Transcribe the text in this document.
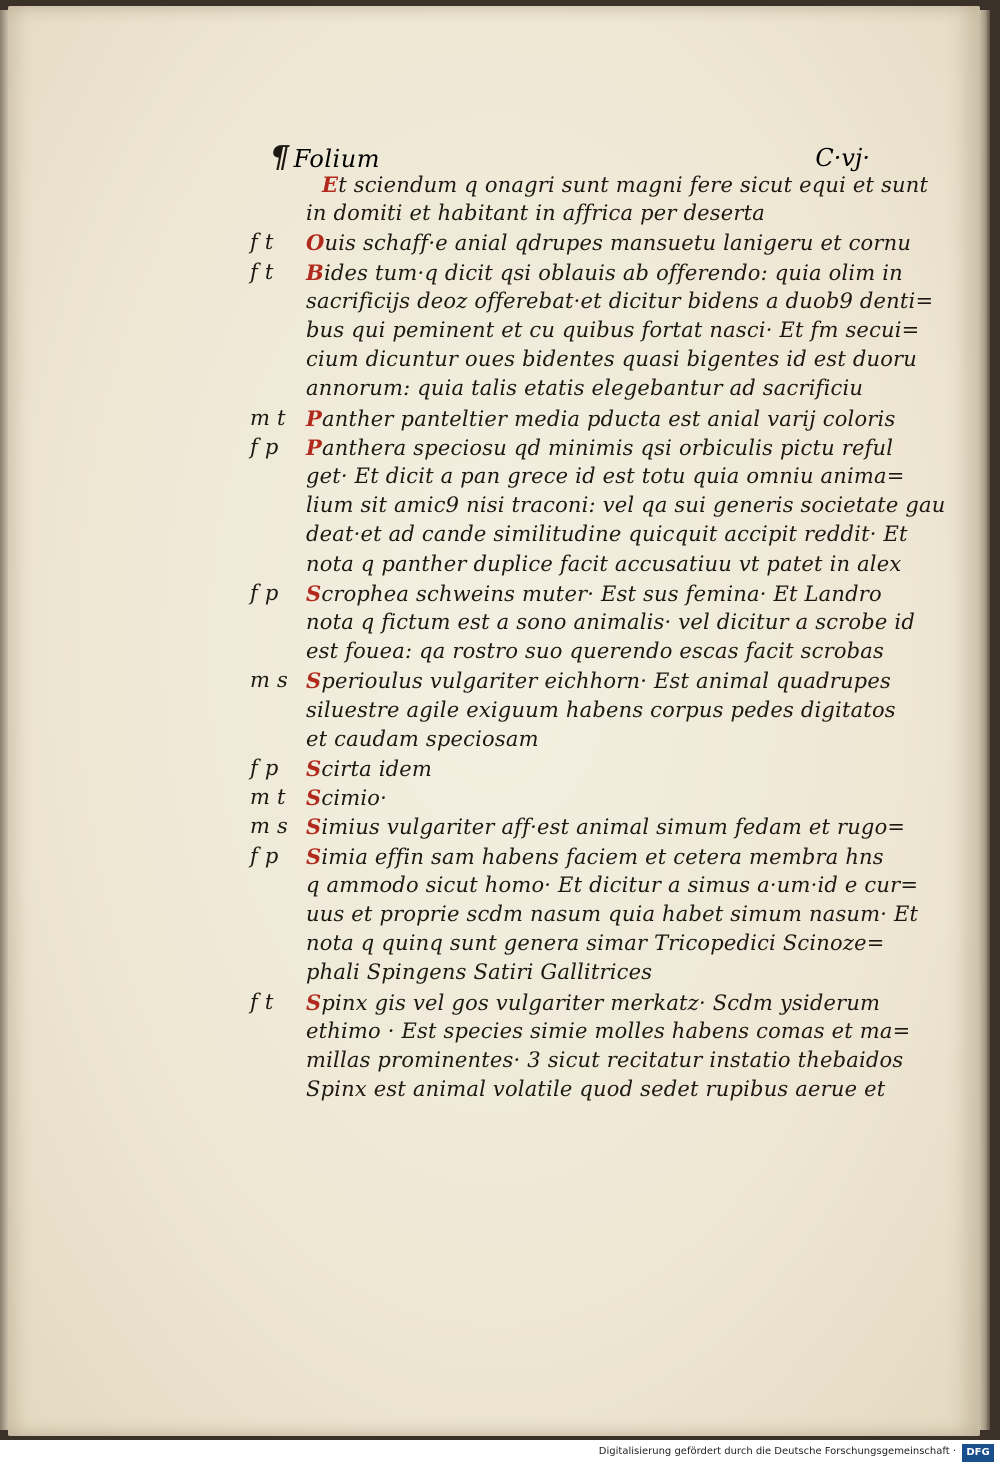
¶ Folium	C·vj·
Et sciendum q onagri sunt magni fere sicut equi et sunt
in domiti et habitant in affrica per deserta
f t	Ouis schaff·e anial qdrupes mansuetu lanigeru et cornu
f t	Bides tum·q dicit qsi oblauis ab offerendo: quia olim in
sacrificijs deoz offerebat·et dicitur bidens a duob9 denti=
bus qui peminent et cu quibus fortat nasci· Et fm secui=
cium dicuntur oues bidentes quasi bigentes id est duoru
annorum: quia talis etatis elegebantur ad sacrificiu
m t Panther panteltier media pducta est anial varij coloris
f p	Panthera speciosu qd minimis qsi orbiculis pictu reful
get· Et dicit a pan grece id est totu quia omniu anima=
lium sit amic9 nisi traconi: vel qa sui generis societate gau
deat·et ad cande similitudine quicquit accipit reddit· Et
nota q panther duplice facit accusatiuu vt patet in alex
f p	Scrophea schweins muter· Est sus femina· Et Landro
nota q fictum est a sono animalis· vel dicitur a scrobe id
est fouea: qa rostro suo querendo escas facit scrobas
m s Sperioulus vulgariter eichhorn· Est animal quadrupes
siluestre agile exiguum habens corpus pedes digitatos
et caudam speciosam
f p	Scirta idem
m t Scimio·
m s Simius vulgariter aff·est animal simum fedam et rugo=
f p	Simia effin sam habens faciem et cetera membra hns
q ammodo sicut homo· Et dicitur a simus a·um·id e cur=
uus et proprie scdm nasum quia habet simum nasum· Et
nota q quinq sunt genera simar Tricopedici Scinoze=
phali Spingens Satiri Gallitrices
f t	Spinx gis vel gos vulgariter merkatz· Scdm ysiderum
ethimo · Est species simie molles habens comas et ma=
millas prominentes· 3 sicut recitatur instatio thebaidos
Spinx est animal volatile quod sedet rupibus aerue et
Digitalisierung gefördert durch die Deutsche Forschungsgemeinschaft ·	DFG
